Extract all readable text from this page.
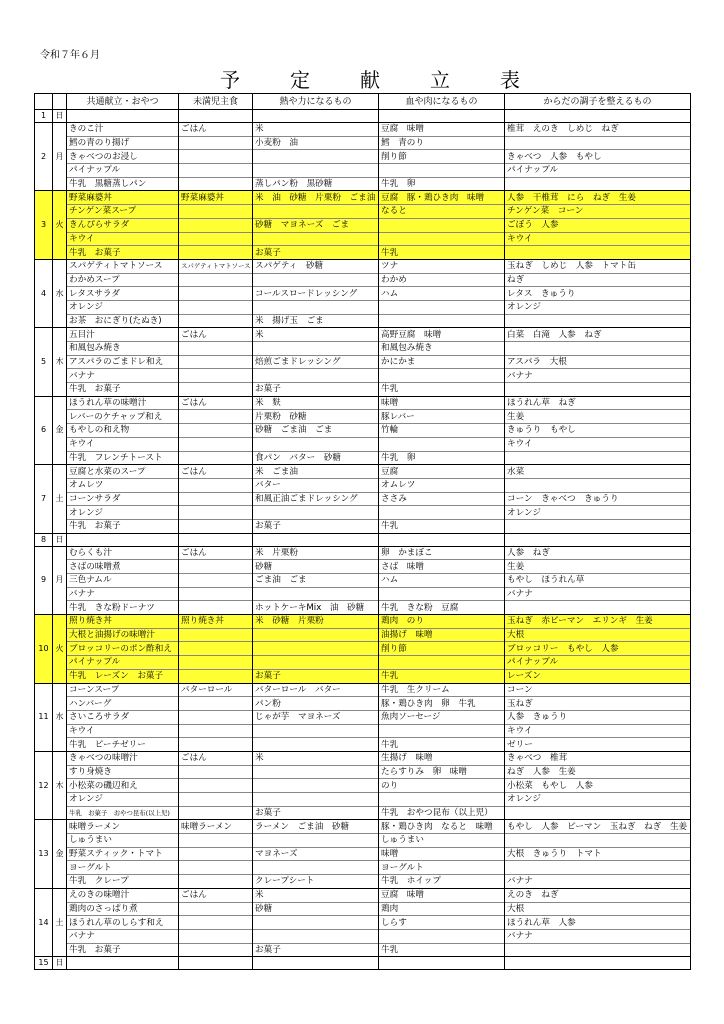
令和７年６月
予	定	献	立	表
		共通献立・おやつ	未満児主食	熱や力になるもの	血や肉になるもの	からだの調子を整えるもの
1	日					
2	月	きのこ汁	ごはん	米	豆腐　味噌	椎茸　えのき　しめじ　ねぎ
		鱈の青のり揚げ		小麦粉　油	鱈　青のり	
		きゃべつのお浸し			削り節	きゃべつ　人参　もやし
		パイナップル				パイナップル
		牛乳　黒糖蒸しパン		蒸しパン粉　黒砂糖	牛乳　卵	
3	火	野菜麻婆丼	野菜麻婆丼	米　油　砂糖　片栗粉　ごま油	豆腐　豚・鶏ひき肉　味噌	人参　干椎茸　にら　ねぎ　生姜
		チンゲン菜スープ			なると	チンゲン菜　コーン
		きんぴらサラダ		砂糖　マヨネーズ　ごま		ごぼう　人参
		キウイ				キウイ
		牛乳　お菓子		お菓子	牛乳	
4	水	スパゲティトマトソース	スパゲティトマトソース	スパゲティ　砂糖	ツナ	玉ねぎ　しめじ　人参　トマト缶
		わかめスープ			わかめ	ねぎ
		レタスサラダ		コールスロードレッシング	ハム	レタス　きゅうり
		オレンジ				オレンジ
		お茶　おにぎり(たぬき)		米　揚げ玉　ごま		
5	木	五目汁	ごはん	米	高野豆腐　味噌	白菜　白滝　人参　ねぎ
		和風包み焼き			和風包み焼き	
		アスパラのごまドレ和え		焙煎ごまドレッシング	かにかま	アスパラ　大根
		バナナ				バナナ
		牛乳　お菓子		お菓子	牛乳	
6	金	ほうれん草の味噌汁	ごはん	米　麩	味噌	ほうれん草　ねぎ
		レバーのケチャップ和え		片栗粉　砂糖	豚レバー	生姜
		もやしの和え物		砂糖　ごま油　ごま	竹輪	きゅうり　もやし
		キウイ				キウイ
		牛乳　フレンチトースト		食パン　バター　砂糖	牛乳　卵	
7	土	豆腐と水菜のスープ	ごはん	米　ごま油	豆腐	水菜
		オムレツ		バター	オムレツ	
		コーンサラダ		和風正油ごまドレッシング	ささみ	コーン　きゃべつ　きゅうり
		オレンジ				オレンジ
		牛乳　お菓子		お菓子	牛乳	
8	日					
9	月	むらくも汁	ごはん	米　片栗粉	卵　かまぼこ	人参　ねぎ
		さばの味噌煮		砂糖	さば　味噌	生姜
		三色ナムル		ごま油　ごま	ハム	もやし　ほうれん草
		バナナ				バナナ
		牛乳　きな粉ドーナツ		ホットケーキMix　油　砂糖	牛乳　きな粉　豆腐	
10	火	照り焼き丼	照り焼き丼	米　砂糖　片栗粉	鶏肉　のり	玉ねぎ　赤ピーマン　エリンギ　生姜
		大根と油揚げの味噌汁			油揚げ　味噌	大根
		ブロッコリーのポン酢和え			削り節	ブロッコリー　もやし　人参
		パイナップル				パイナップル
		牛乳　レーズン　お菓子		お菓子	牛乳	レーズン
11	水	コーンスープ	バターロール	バターロール　バター	牛乳　生クリーム	コーン
		ハンバーグ		パン粉	豚・鶏ひき肉　卵　牛乳	玉ねぎ
		さいころサラダ		じゃが芋　マヨネーズ	魚肉ソーセージ	人参　きゅうり
		キウイ				キウイ
		牛乳　ピーチゼリー			牛乳	ゼリー
12	木	きゃべつの味噌汁	ごはん	米	生揚げ　味噌	きゃべつ　椎茸
		すり身焼き			たらすりみ　卵　味噌	ねぎ　人参　生姜
		小松菜の磯辺和え			のり	小松菜　もやし　人参
		オレンジ				オレンジ
		牛乳　お菓子　おやつ昆布(以上児)		お菓子	牛乳　おやつ昆布（以上児）	
13	金	味噌ラーメン	味噌ラーメン	ラーメン　ごま油　砂糖	豚・鶏ひき肉　なると　味噌	もやし　人参　ピーマン　玉ねぎ　ねぎ　生姜
		しゅうまい			しゅうまい	
		野菜スティック・トマト		マヨネーズ	味噌	大根　きゅうり　トマト
		ヨーグルト			ヨーグルト	
		牛乳　クレープ		クレープシート	牛乳　ホイップ	バナナ
14	土	えのきの味噌汁	ごはん	米	豆腐　味噌	えのき　ねぎ
		鶏肉のさっぱり煮		砂糖	鶏肉	大根
		ほうれん草のしらす和え			しらす	ほうれん草　人参
		バナナ				バナナ
		牛乳　お菓子		お菓子	牛乳	
15	日					
